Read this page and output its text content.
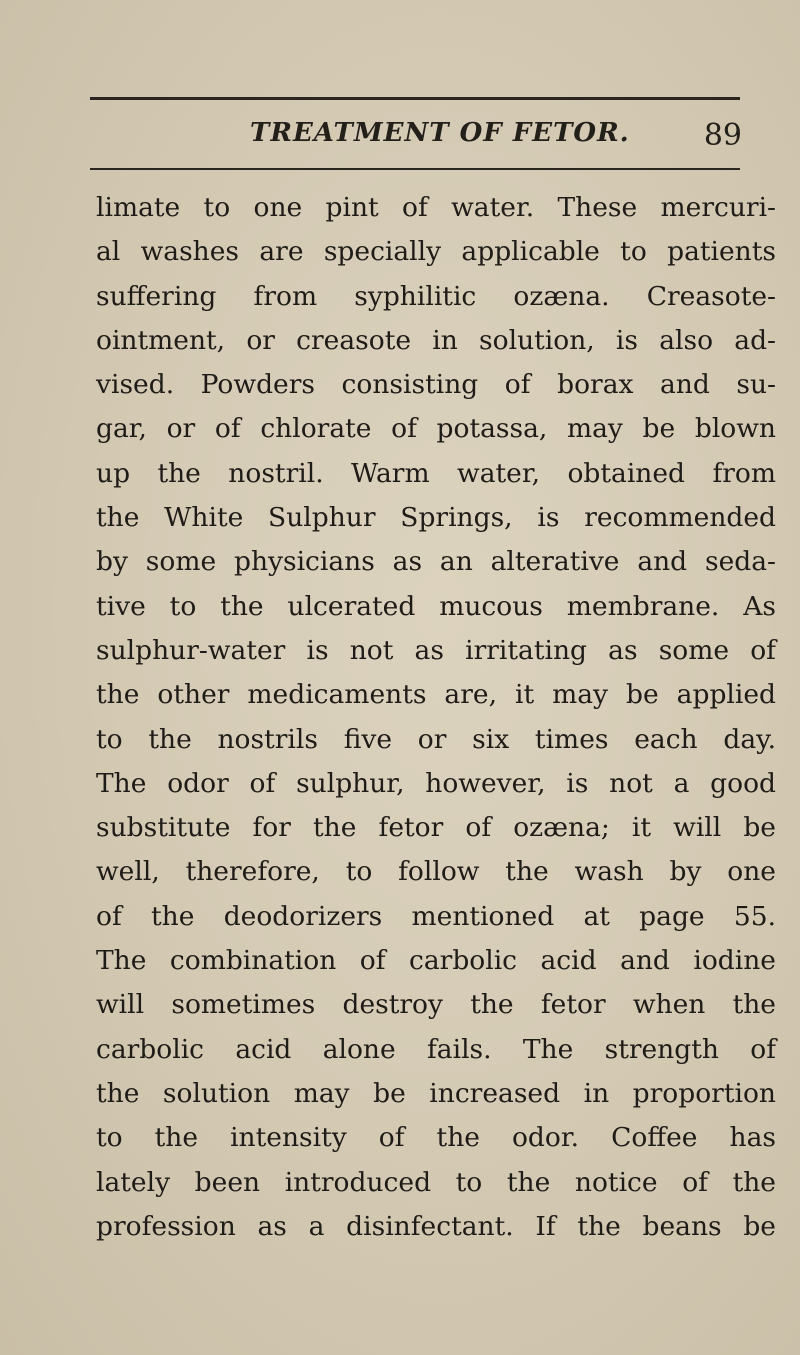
TREATMENT OF FETOR. 89
limate to one pint of water. These mercuri-
al washes are specially applicable to patients
suffering from syphilitic ozæna. Creasote-
ointment, or creasote in solution, is also ad-
vised. Powders consisting of borax and su-
gar, or of chlorate of potassa, may be blown
up the nostril. Warm water, obtained from
the White Sulphur Springs, is recommended
by some physicians as an alterative and seda-
tive to the ulcerated mucous membrane. As
sulphur-water is not as irritating as some of
the other medicaments are, it may be applied
to the nostrils five or six times each day.
The odor of sulphur, however, is not a good
substitute for the fetor of ozæna; it will be
well, therefore, to follow the wash by one
of the deodorizers mentioned at page 55.
The combination of carbolic acid and iodine
will sometimes destroy the fetor when the
carbolic acid alone fails. The strength of
the solution may be increased in proportion
to the intensity of the odor. Coffee has
lately been introduced to the notice of the
profession as a disinfectant. If the beans be
